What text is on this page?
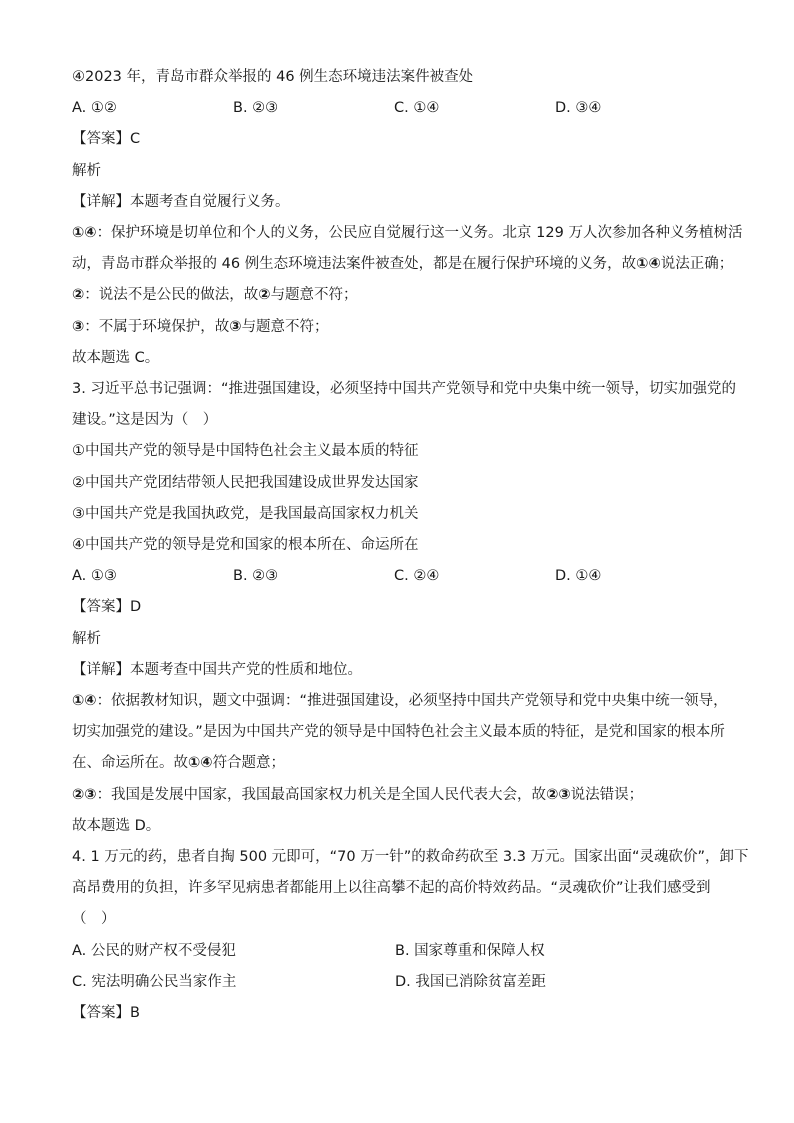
④2023 年，青岛市群众举报的 46 例生态环境违法案件被查处
A. ①②	B. ②③	C. ①④	D. ③④
【答案】C
解析
【详解】本题考查自觉履行义务。
①④：保护环境是切单位和个人的义务，公民应自觉履行这一义务。北京 129 万人次参加各种义务植树活
动，青岛市群众举报的 46 例生态环境违法案件被查处，都是在履行保护环境的义务，故①④说法正确；
②：说法不是公民的做法，故②与题意不符；
③：不属于环境保护，故③与题意不符；
故本题选 C。
3. 习近平总书记强调：“推进强国建设，必须坚持中国共产党领导和党中央集中统一领导，切实加强党的
建设。”这是因为（　）
①中国共产党的领导是中国特色社会主义最本质的特征
②中国共产党团结带领人民把我国建设成世界发达国家
③中国共产党是我国执政党，是我国最高国家权力机关
④中国共产党的领导是党和国家的根本所在、命运所在
A. ①③	B. ②③	C. ②④	D. ①④
【答案】D
解析
【详解】本题考查中国共产党的性质和地位。
①④：依据教材知识，题文中强调：“推进强国建设，必须坚持中国共产党领导和党中央集中统一领导，
切实加强党的建设。”是因为中国共产党的领导是中国特色社会主义最本质的特征，是党和国家的根本所
在、命运所在。故①④符合题意；
②③：我国是发展中国家，我国最高国家权力机关是全国人民代表大会，故②③说法错误；
故本题选 D。
4. 1 万元的药，患者自掏 500 元即可，“70 万一针”的救命药砍至 3.3 万元。国家出面“灵魂砍价”，卸下
高昂费用的负担，许多罕见病患者都能用上以往高攀不起的高价特效药品。“灵魂砍价”让我们感受到
（　）
A. 公民的财产权不受侵犯	B. 国家尊重和保障人权
C. 宪法明确公民当家作主	D. 我国已消除贫富差距
【答案】B
